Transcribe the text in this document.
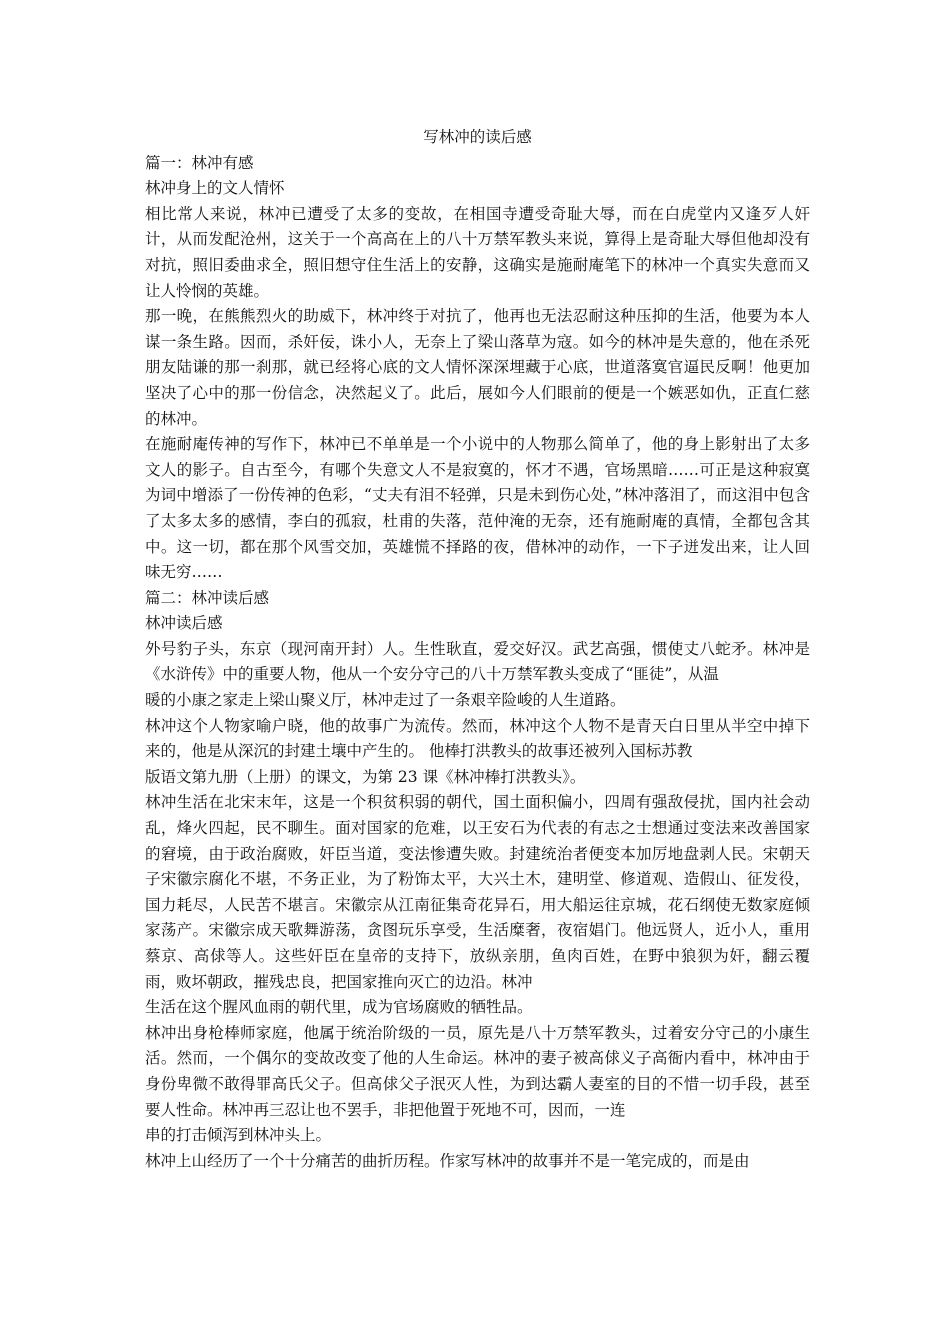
写林冲的读后感

篇一：林冲有感

林冲身上的文人情怀

相比常人来说，林冲已遭受了太多的变故，在相国寺遭受奇耻大辱，而在白虎堂内又逢歹人奸计，从而发配沧州，这关于一个高高在上的八十万禁军教头来说，算得上是奇耻大辱但他却没有对抗，照旧委曲求全，照旧想守住生活上的安静，这确实是施耐庵笔下的林冲一个真实失意而又让人怜悯的英雄。

那一晚，在熊熊烈火的助威下，林冲终于对抗了，他再也无法忍耐这种压抑的生活，他要为本人谋一条生路。因而，杀奸佞，诛小人，无奈上了梁山落草为寇。如今的林冲是失意的，他在杀死朋友陆谦的那一刹那，就已经将心底的文人情怀深深埋藏于心底，世道落寞官逼民反啊！他更加坚决了心中的那一份信念，决然起义了。此后，展如今人们眼前的便是一个嫉恶如仇，正直仁慈的林冲。

在施耐庵传神的写作下，林冲已不单单是一个小说中的人物那么简单了，他的身上影射出了太多文人的影子。自古至今，有哪个失意文人不是寂寞的，怀才不遇，官场黑暗……可正是这种寂寞为词中增添了一份传神的色彩，“丈夫有泪不轻弹，只是未到伤心处，”林冲落泪了，而这泪中包含了太多太多的感情，李白的孤寂，杜甫的失落，范仲淹的无奈，还有施耐庵的真情，全都包含其中。这一切，都在那个风雪交加，英雄慌不择路的夜，借林冲的动作，一下子迸发出来，让人回味无穷……

篇二：林冲读后感

林冲读后感

外号豹子头，东京（现河南开封）人。生性耿直，爱交好汉。武艺高强，惯使丈八蛇矛。林冲是《水浒传》中的重要人物，他从一个安分守己的八十万禁军教头变成了“匪徒”，从温

暖的小康之家走上梁山聚义厅，林冲走过了一条艰辛险峻的人生道路。

林冲这个人物家喻户晓，他的故事广为流传。然而，林冲这个人物不是青天白日里从半空中掉下来的，他是从深沉的封建土壤中产生的。 他棒打洪教头的故事还被列入国标苏教

版语文第九册（上册）的课文，为第 23 课《林冲棒打洪教头》。

林冲生活在北宋末年，这是一个积贫积弱的朝代，国土面积偏小，四周有强敌侵扰，国内社会动乱，烽火四起，民不聊生。面对国家的危难，以王安石为代表的有志之士想通过变法来改善国家的窘境，由于政治腐败，奸臣当道，变法惨遭失败。封建统治者便变本加厉地盘剥人民。宋朝天子宋徽宗腐化不堪，不务正业，为了粉饰太平，大兴土木，建明堂、修道观、造假山、征发役，国力耗尽，人民苦不堪言。宋徽宗从江南征集奇花异石，用大船运往京城，花石纲使无数家庭倾家荡产。宋徽宗成天歌舞游荡，贪图玩乐享受，生活糜奢，夜宿娼门。他远贤人，近小人，重用蔡京、高俅等人。这些奸臣在皇帝的支持下，放纵亲朋，鱼肉百姓，在野中狼狈为奸，翻云覆雨，败坏朝政，摧残忠良，把国家推向灭亡的边沿。林冲

生活在这个腥风血雨的朝代里，成为官场腐败的牺牲品。

林冲出身枪棒师家庭，他属于统治阶级的一员，原先是八十万禁军教头，过着安分守己的小康生活。然而，一个偶尔的变故改变了他的人生命运。林冲的妻子被高俅义子高衙内看中，林冲由于身份卑微不敢得罪高氏父子。但高俅父子泯灭人性，为到达霸人妻室的目的不惜一切手段，甚至要人性命。林冲再三忍让也不罢手，非把他置于死地不可，因而，一连

串的打击倾泻到林冲头上。

林冲上山经历了一个十分痛苦的曲折历程。作家写林冲的故事并不是一笔完成的，而是由
